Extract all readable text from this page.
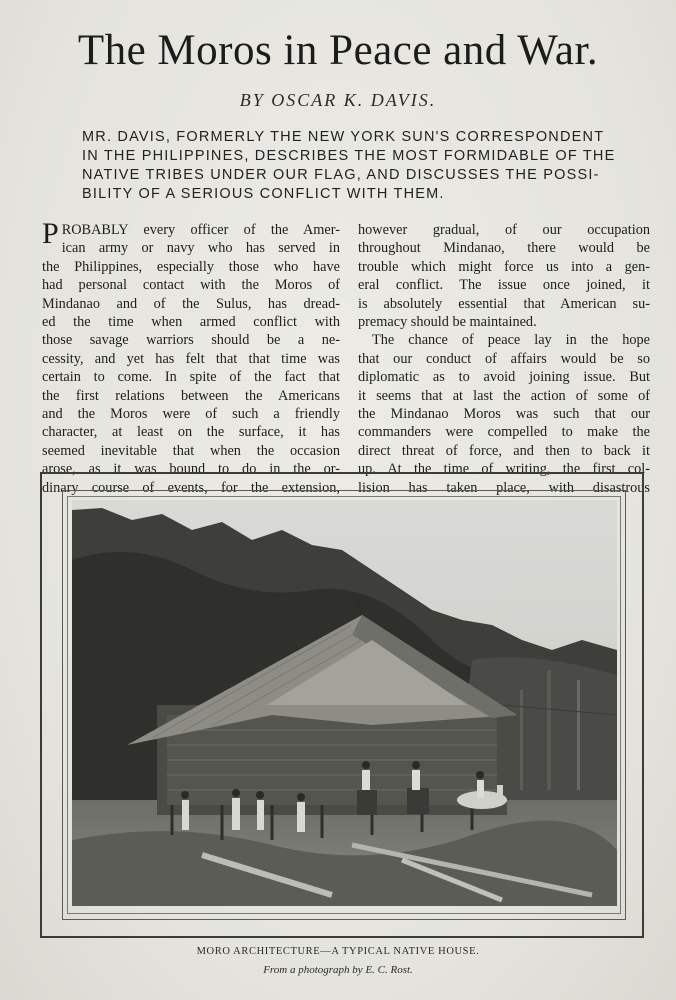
The Moros in Peace and War.
BY OSCAR K. DAVIS.
MR. DAVIS, FORMERLY THE NEW YORK SUN'S CORRESPONDENT
IN THE PHILIPPINES, DESCRIBES THE MOST FORMIDABLE OF THE
NATIVE TRIBES UNDER OUR FLAG, AND DISCUSSES THE POSSI-
BILITY OF A SERIOUS CONFLICT WITH THEM.
P ROBABLY every officer of the Amer-
ican army or navy who has served in
the Philippines, especially those who have
had personal contact with the Moros of
Mindanao and of the Sulus, has dread-
ed the time when armed conflict with
those savage warriors should be a ne-
cessity, and yet has felt that that time was
certain to come. In spite of the fact that
the first relations between the Americans
and the Moros were of such a friendly
character, at least on the surface, it has
seemed inevitable that when the occasion
arose, as it was bound to do in the or-
dinary course of events, for the extension,
however gradual, of our occupation
throughout Mindanao, there would be
trouble which might force us into a gen-
eral conflict. The issue once joined, it
is absolutely essential that American su-
premacy should be maintained.
The chance of peace lay in the hope
that our conduct of affairs would be so
diplomatic as to avoid joining issue. But
it seems that at last the action of some of
the Mindanao Moros was such that our
commanders were compelled to make the
direct threat of force, and then to back it
up. At the time of writing, the first col-
lision has taken place, with disastrous
MORO ARCHITECTURE—A TYPICAL NATIVE HOUSE.
From a photograph by E. C. Rost.
